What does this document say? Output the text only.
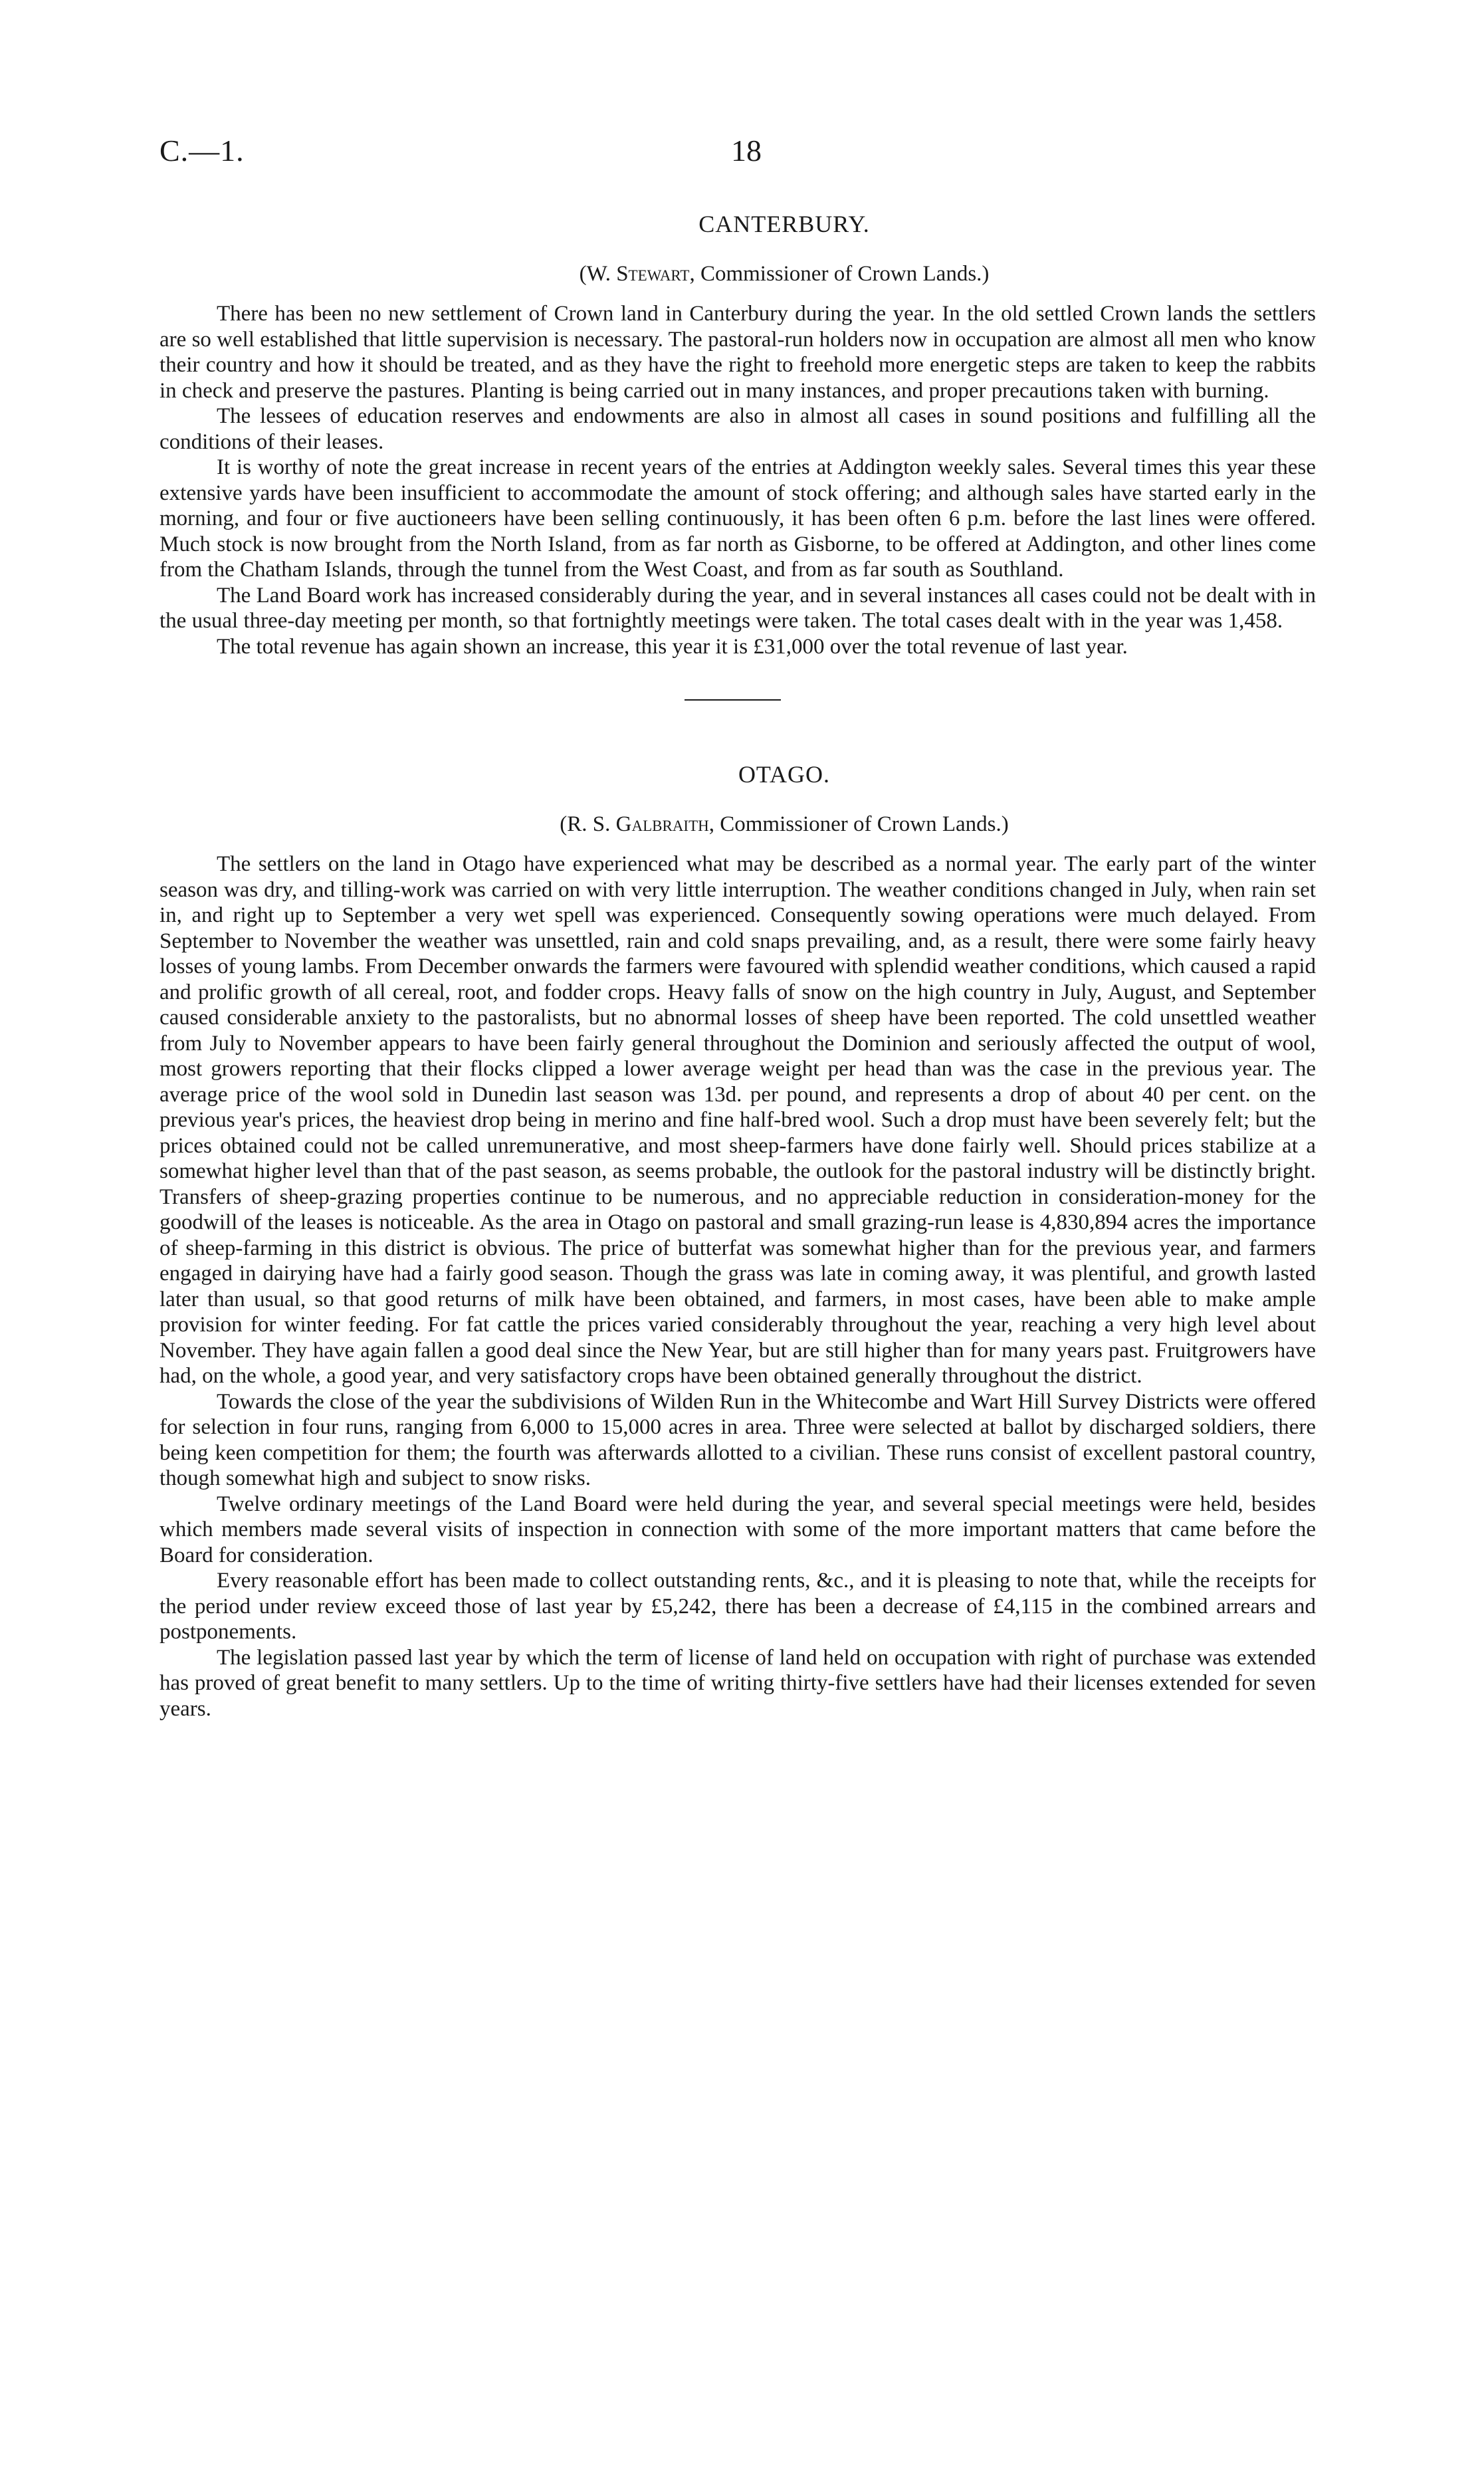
C.—1.	18
CANTERBURY.

(W. Stewart, Commissioner of Crown Lands.)

There has been no new settlement of Crown land in Canterbury during the year. In the old settled Crown lands the settlers are so well established that little supervision is necessary. The pastoral-run holders now in occupation are almost all men who know their country and how it should be treated, and as they have the right to freehold more energetic steps are taken to keep the rabbits in check and preserve the pastures. Planting is being carried out in many instances, and proper precautions taken with burning.

The lessees of education reserves and endowments are also in almost all cases in sound positions and fulfilling all the conditions of their leases.

It is worthy of note the great increase in recent years of the entries at Addington weekly sales. Several times this year these extensive yards have been insufficient to accommodate the amount of stock offering; and although sales have started early in the morning, and four or five auctioneers have been selling continuously, it has been often 6 p.m. before the last lines were offered. Much stock is now brought from the North Island, from as far north as Gisborne, to be offered at Addington, and other lines come from the Chatham Islands, through the tunnel from the West Coast, and from as far south as Southland.

The Land Board work has increased considerably during the year, and in several instances all cases could not be dealt with in the usual three-day meeting per month, so that fortnightly meetings were taken. The total cases dealt with in the year was 1,458.

The total revenue has again shown an increase, this year it is £31,000 over the total revenue of last year.

OTAGO.

(R. S. Galbraith, Commissioner of Crown Lands.)

The settlers on the land in Otago have experienced what may be described as a normal year. The early part of the winter season was dry, and tilling-work was carried on with very little interruption. The weather conditions changed in July, when rain set in, and right up to September a very wet spell was experienced. Consequently sowing operations were much delayed. From September to November the weather was unsettled, rain and cold snaps prevailing, and, as a result, there were some fairly heavy losses of young lambs. From December onwards the farmers were favoured with splendid weather conditions, which caused a rapid and prolific growth of all cereal, root, and fodder crops. Heavy falls of snow on the high country in July, August, and September caused considerable anxiety to the pastoralists, but no abnormal losses of sheep have been reported. The cold unsettled weather from July to November appears to have been fairly general throughout the Dominion and seriously affected the output of wool, most growers reporting that their flocks clipped a lower average weight per head than was the case in the previous year. The average price of the wool sold in Dunedin last season was 13d. per pound, and represents a drop of about 40 per cent. on the previous year's prices, the heaviest drop being in merino and fine half-bred wool. Such a drop must have been severely felt; but the prices obtained could not be called unremunerative, and most sheep-farmers have done fairly well. Should prices stabilize at a somewhat higher level than that of the past season, as seems probable, the outlook for the pastoral industry will be distinctly bright. Transfers of sheep-grazing properties continue to be numerous, and no appreciable reduction in consideration-money for the goodwill of the leases is noticeable. As the area in Otago on pastoral and small grazing-run lease is 4,830,894 acres the importance of sheep-farming in this district is obvious. The price of butterfat was somewhat higher than for the previous year, and farmers engaged in dairying have had a fairly good season. Though the grass was late in coming away, it was plentiful, and growth lasted later than usual, so that good returns of milk have been obtained, and farmers, in most cases, have been able to make ample provision for winter feeding. For fat cattle the prices varied considerably throughout the year, reaching a very high level about November. They have again fallen a good deal since the New Year, but are still higher than for many years past. Fruitgrowers have had, on the whole, a good year, and very satisfactory crops have been obtained generally throughout the district.

Towards the close of the year the subdivisions of Wilden Run in the Whitecombe and Wart Hill Survey Districts were offered for selection in four runs, ranging from 6,000 to 15,000 acres in area. Three were selected at ballot by discharged soldiers, there being keen competition for them; the fourth was afterwards allotted to a civilian. These runs consist of excellent pastoral country, though somewhat high and subject to snow risks.

Twelve ordinary meetings of the Land Board were held during the year, and several special meetings were held, besides which members made several visits of inspection in connection with some of the more important matters that came before the Board for consideration.

Every reasonable effort has been made to collect outstanding rents, &c., and it is pleasing to note that, while the receipts for the period under review exceed those of last year by £5,242, there has been a decrease of £4,115 in the combined arrears and postponements.

The legislation passed last year by which the term of license of land held on occupation with right of purchase was extended has proved of great benefit to many settlers. Up to the time of writing thirty-five settlers have had their licenses extended for seven years.
